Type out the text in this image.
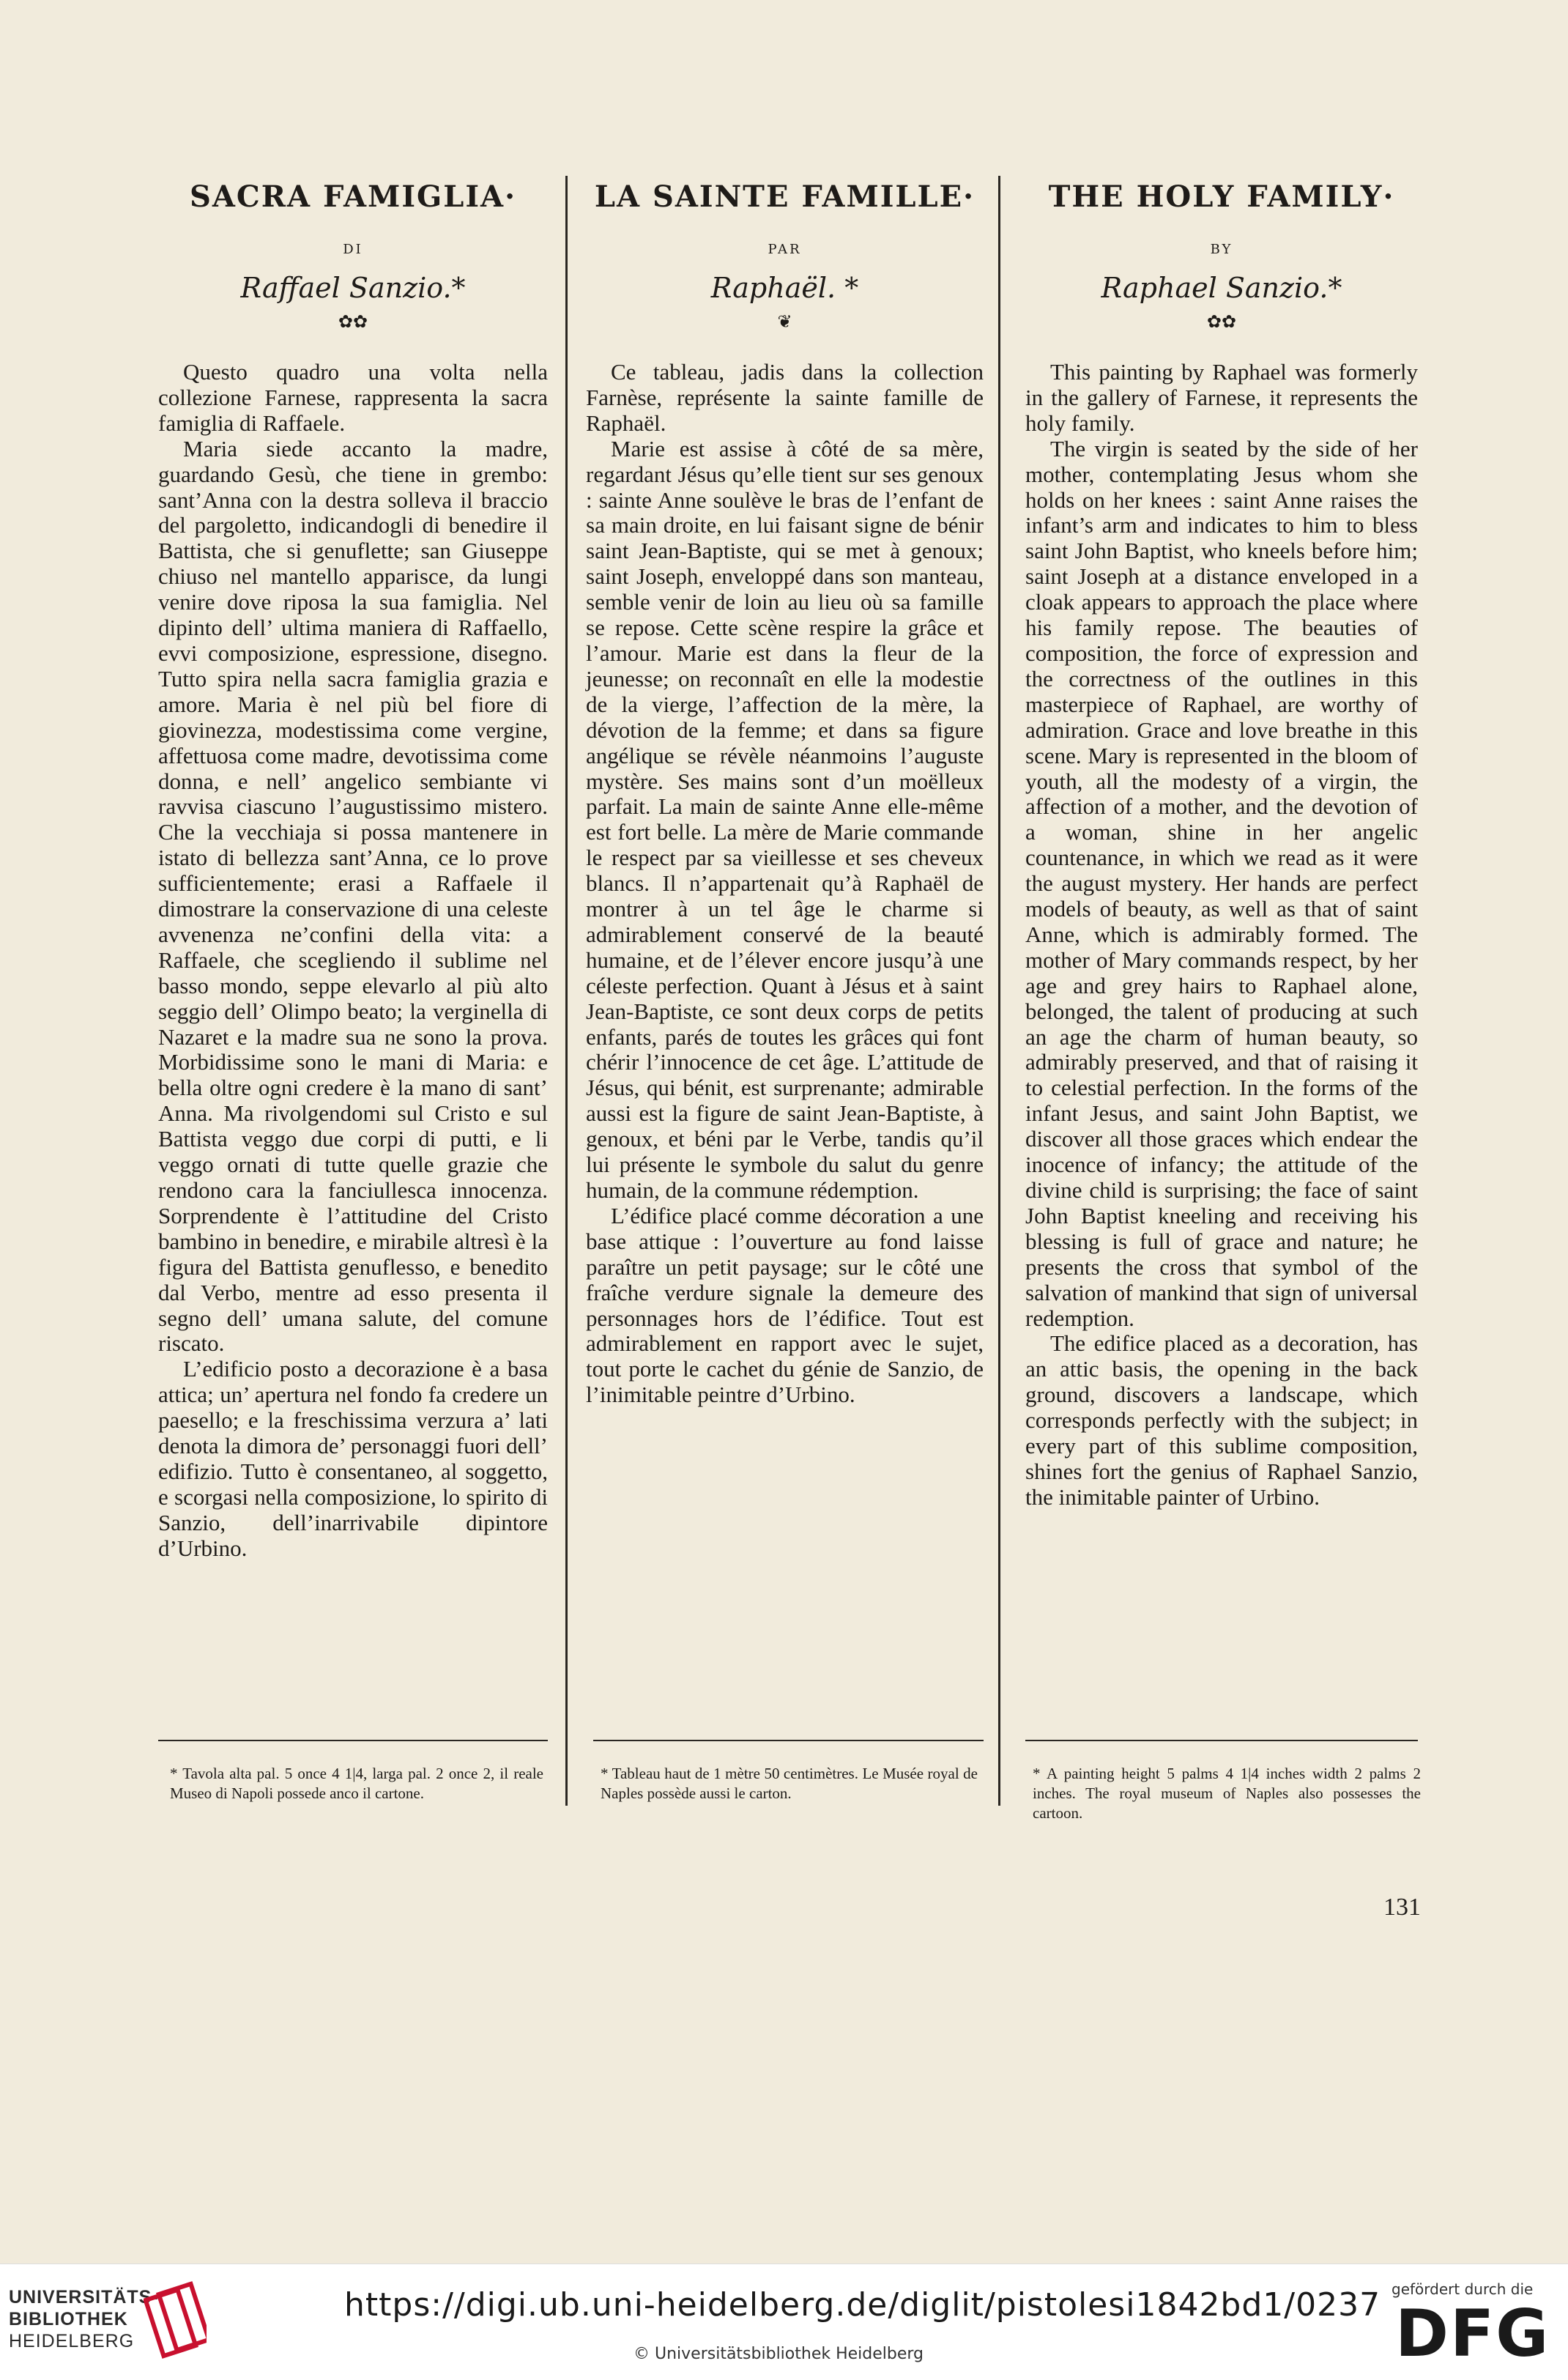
SACRA FAMIGLIA·
DI
Raffael Sanzio.*
✿✿

Questo quadro una volta nella collezione Farnese, rappresenta la sacra famiglia di Raffaele.

Maria siede accanto la madre, guardando Gesù, che tiene in grembo: sant’Anna con la destra solleva il braccio del pargoletto, indicandogli di benedire il Battista, che si genuflette; san Giuseppe chiuso nel mantello apparisce, da lungi venire dove riposa la sua famiglia. Nel dipinto dell’ ultima maniera di Raffaello, evvi composizione, espressione, disegno. Tutto spira nella sacra famiglia grazia e amore. Maria è nel più bel fiore di giovinezza, modestissima come vergine, affettuosa come madre, devotissima come donna, e nell’ angelico sembiante vi ravvisa ciascuno l’augustissimo mistero. Che la vecchiaja si possa mantenere in istato di bellezza sant’Anna, ce lo prove sufficientemente; erasi a Raffaele il dimostrare la conservazione di una celeste avvenenza ne’confini della vita: a Raffaele, che scegliendo il sublime nel basso mondo, seppe elevarlo al più alto seggio dell’ Olimpo beato; la verginella di Nazaret e la madre sua ne sono la prova. Morbidissime sono le mani di Maria: e bella oltre ogni credere è la mano di sant’ Anna. Ma rivolgendomi sul Cristo e sul Battista veggo due corpi di putti, e li veggo ornati di tutte quelle grazie che rendono cara la fanciullesca innocenza. Sorprendente è l’attitudine del Cristo bambino in benedire, e mirabile altresì è la figura del Battista genuflesso, e benedito dal Verbo, mentre ad esso presenta il segno dell’ umana salute, del comune riscato.

L’edificio posto a decorazione è a basa attica; un’ apertura nel fondo fa credere un paesello; e la freschissima verzura a’ lati denota la dimora de’ personaggi fuori dell’ edifizio. Tutto è consentaneo, al soggetto, e scorgasi nella composizione, lo spirito di Sanzio, dell’inarrivabile dipintore d’Urbino.

LA SAINTE FAMILLE·
PAR
Raphaël. *
❦

Ce tableau, jadis dans la collection Farnèse, représente la sainte famille de Raphaël.

Marie est assise à côté de sa mère, regardant Jésus qu’elle tient sur ses genoux : sainte Anne soulève le bras de l’enfant de sa main droite, en lui faisant signe de bénir saint Jean-Baptiste, qui se met à genoux; saint Joseph, enveloppé dans son manteau, semble venir de loin au lieu où sa famille se repose. Cette scène respire la grâce et l’amour. Marie est dans la fleur de la jeunesse; on reconnaît en elle la modestie de la vierge, l’affection de la mère, la dévotion de la femme; et dans sa figure angélique se révèle néanmoins l’auguste mystère. Ses mains sont d’un moëlleux parfait. La main de sainte Anne elle-même est fort belle. La mère de Marie commande le respect par sa vieillesse et ses cheveux blancs. Il n’appartenait qu’à Raphaël de montrer à un tel âge le charme si admirablement conservé de la beauté humaine, et de l’élever encore jusqu’à une céleste perfection. Quant à Jésus et à saint Jean-Baptiste, ce sont deux corps de petits enfants, parés de toutes les grâces qui font chérir l’innocence de cet âge. L’attitude de Jésus, qui bénit, est surprenante; admirable aussi est la figure de saint Jean-Baptiste, à genoux, et béni par le Verbe, tandis qu’il lui présente le symbole du salut du genre humain, de la commune rédemption.

L’édifice placé comme décoration a une base attique : l’ouverture au fond laisse paraître un petit paysage; sur le côté une fraîche verdure signale la demeure des personnages hors de l’édifice. Tout est admirablement en rapport avec le sujet, tout porte le cachet du génie de Sanzio, de l’inimitable peintre d’Urbino.

THE HOLY FAMILY·
BY
Raphael Sanzio.*
✿✿

This painting by Raphael was formerly in the gallery of Farnese, it represents the holy family.

The virgin is seated by the side of her mother, contemplating Jesus whom she holds on her knees : saint Anne raises the infant’s arm and indicates to him to bless saint John Baptist, who kneels before him; saint Joseph at a distance enveloped in a cloak appears to approach the place where his family repose. The beauties of composition, the force of expression and the correctness of the outlines in this masterpiece of Raphael, are worthy of admiration. Grace and love breathe in this scene. Mary is represented in the bloom of youth, all the modesty of a virgin, the affection of a mother, and the devotion of a woman, shine in her angelic countenance, in which we read as it were the august mystery. Her hands are perfect models of beauty, as well as that of saint Anne, which is admirably formed. The mother of Mary commands respect, by her age and grey hairs to Raphael alone, belonged, the talent of producing at such an age the charm of human beauty, so admirably preserved, and that of raising it to celestial perfection. In the forms of the infant Jesus, and saint John Baptist, we discover all those graces which endear the inocence of infancy; the attitude of the divine child is surprising; the face of saint John Baptist kneeling and receiving his blessing is full of grace and nature; he presents the cross that symbol of the salvation of mankind that sign of universal redemption.

The edifice placed as a decoration, has an attic basis, the opening in the back ground, discovers a landscape, which corresponds perfectly with the subject; in every part of this sublime composition, shines fort the genius of Raphael Sanzio, the inimitable painter of Urbino.

* Tavola alta pal. 5 once 4 1|4, larga pal. 2 once 2, il reale Museo di Napoli possede anco il cartone.
* Tableau haut de 1 mètre 50 centimètres. Le Musée royal de Naples possède aussi le carton.
* A painting height 5 palms 4 1|4 inches width 2 palms 2 inches. The royal museum of Naples also possesses the cartoon.
131
UNIVERSITÄTS-
BIBLIOTHEK
HEIDELBERG
https://digi.ub.uni-heidelberg.de/diglit/pistolesi1842bd1/0237
© Universitätsbibliothek Heidelberg
gefördert durch die
DFG
